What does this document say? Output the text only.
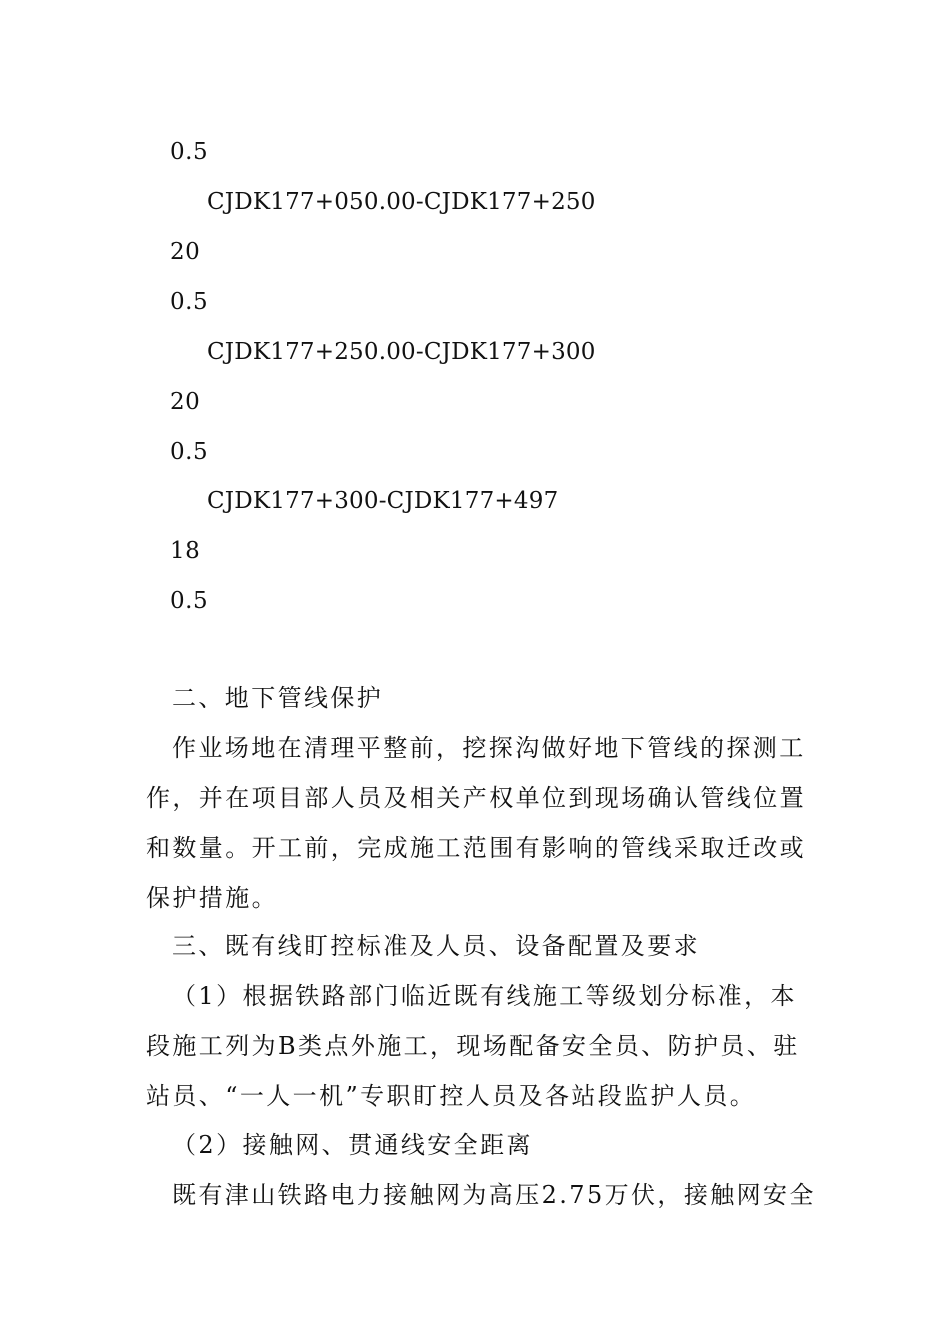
0.5
CJDK177+050.00-CJDK177+250
20
0.5
CJDK177+250.00-CJDK177+300
20
0.5
CJDK177+300-CJDK177+497
18
0.5
二、地下管线保护
作业场地在清理平整前，挖探沟做好地下管线的探测工作，并在项目部人员及相关产权单位到现场确认管线位置和数量。开工前，完成施工范围有影响的管线采取迁改或保护措施。
三、既有线盯控标准及人员、设备配置及要求
（1）根据铁路部门临近既有线施工等级划分标准，本段施工列为B类点外施工，现场配备安全员、防护员、驻站员、“一人一机”专职盯控人员及各站段监护人员。
（2）接触网、贯通线安全距离
既有津山铁路电力接触网为高压2.75万伏，接触网安全
